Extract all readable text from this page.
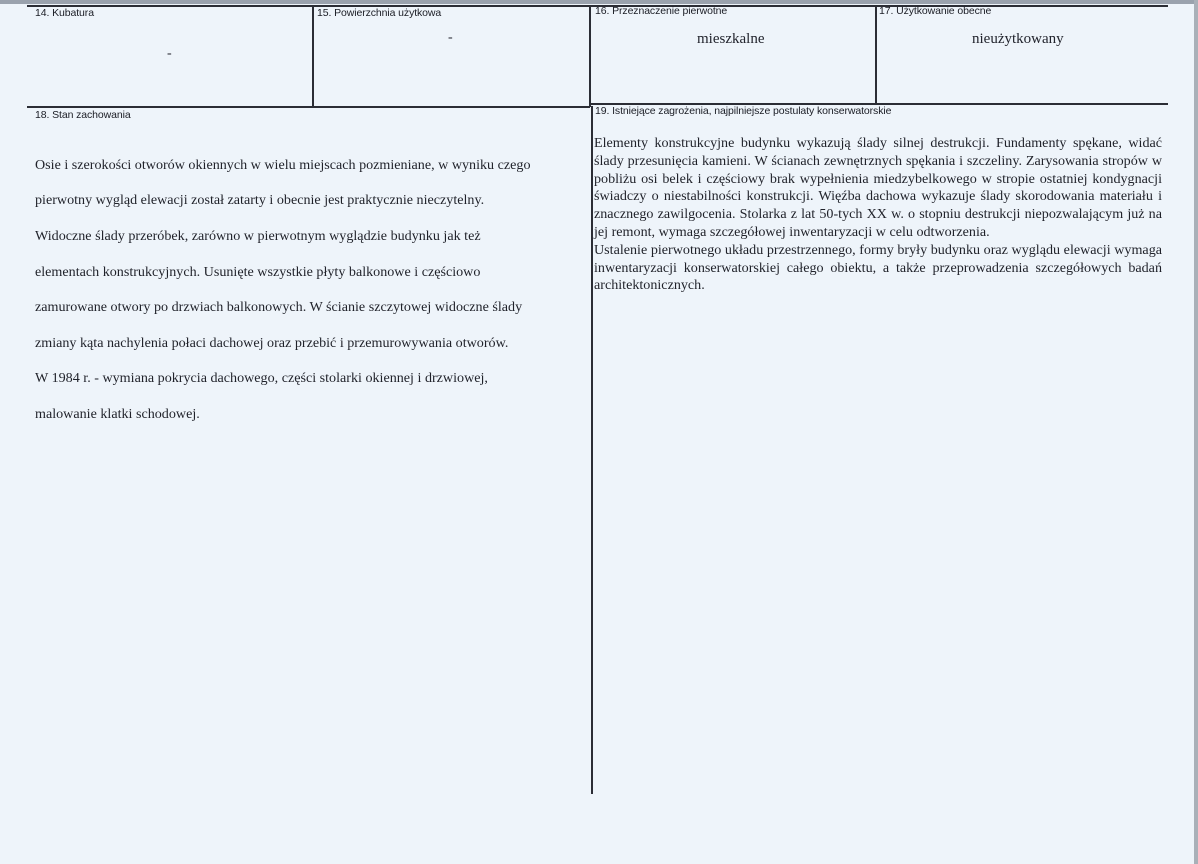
14. Kubatura
-
15. Powierzchnia użytkowa
-
16. Przeznaczenie pierwotne
mieszkalne
17. Użytkowanie obecne
nieużytkowany
18. Stan zachowania

Osie i szerokości otworów okiennych w wielu miejscach pozmieniane, w wyniku czego

pierwotny wygląd elewacji został zatarty i obecnie jest praktycznie nieczytelny.

Widoczne ślady przeróbek, zarówno w pierwotnym wyglądzie budynku jak też

elementach konstrukcyjnych. Usunięte wszystkie płyty balkonowe i częściowo

zamurowane otwory po drzwiach balkonowych. W ścianie szczytowej widoczne ślady

zmiany kąta nachylenia połaci dachowej oraz przebić i przemurowywania otworów.

W 1984 r. - wymiana pokrycia dachowego, części stolarki okiennej i drzwiowej,

malowanie klatki schodowej.

19. Istniejące zagrożenia, najpilniejsze postulaty konserwatorskie

Elementy konstrukcyjne budynku wykazują ślady silnej destrukcji. Fundamenty spękane, widać ślady przesunięcia kamieni. W ścianach zewnętrznych spękania i szczeliny. Zarysowania stropów w pobliżu osi belek i częściowy brak wypełnienia miedzybelkowego w stropie ostatniej kondygnacji świadczy o niestabilności konstrukcji. Więźba dachowa wykazuje ślady skorodowania materiału i znacznego zawilgocenia. Stolarka z lat 50-tych XX w. o stopniu destrukcji niepozwalającym już na jej remont, wymaga szczegółowej inwentaryzacji w celu odtworzenia.

Ustalenie pierwotnego układu przestrzennego, formy bryły budynku oraz wyglądu elewacji wymaga inwentaryzacji konserwatorskiej całego obiektu, a także przeprowadzenia szczegółowych badań architektonicznych.
